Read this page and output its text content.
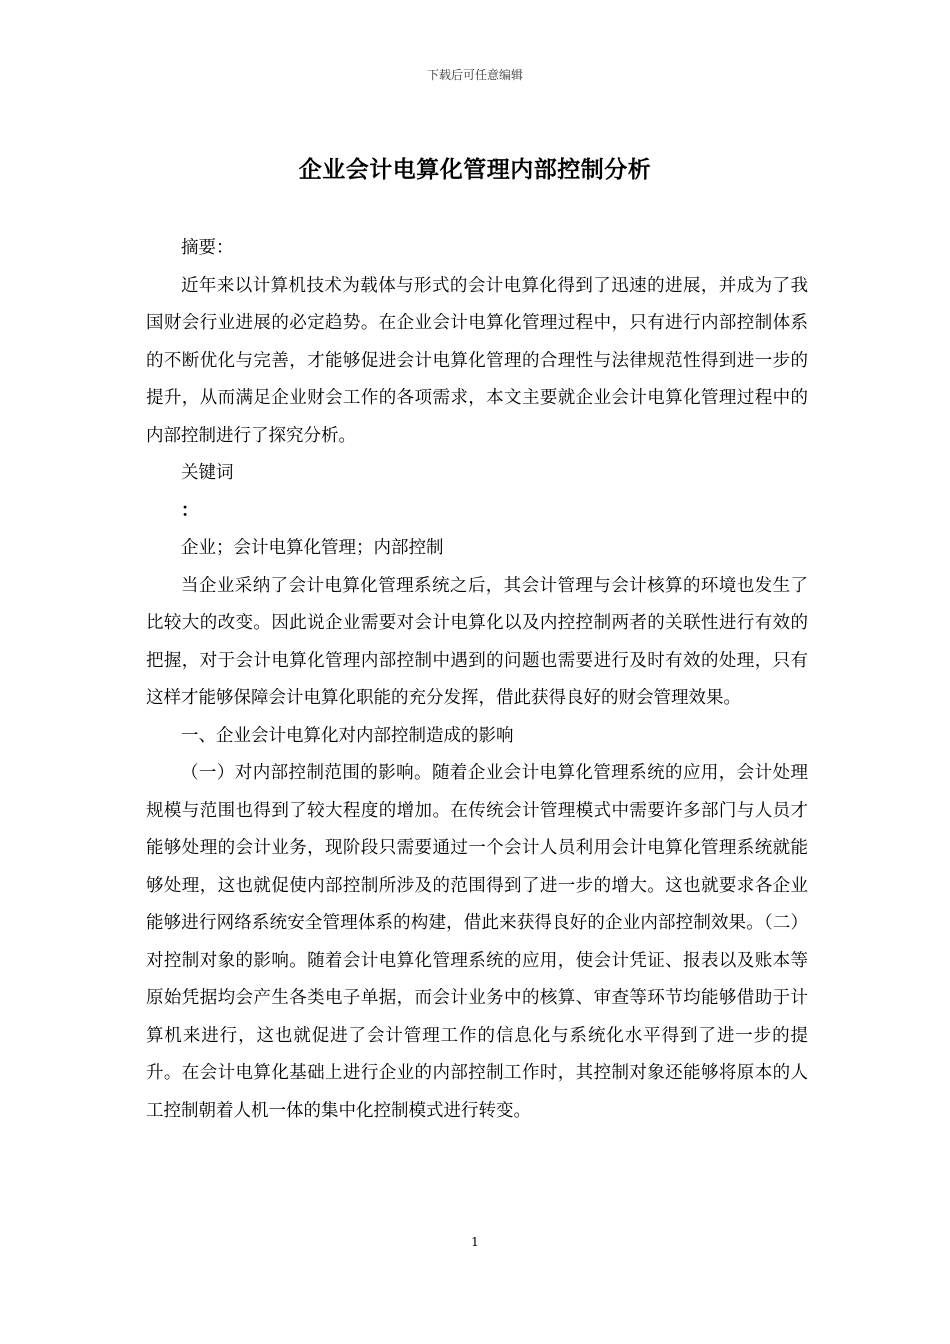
下载后可任意编辑
企业会计电算化管理内部控制分析

摘要：

近年来以计算机技术为载体与形式的会计电算化得到了迅速的进展，并成为了我国财会行业进展的必定趋势。在企业会计电算化管理过程中，只有进行内部控制体系的不断优化与完善，才能够促进会计电算化管理的合理性与法律规范性得到进一步的提升，从而满足企业财会工作的各项需求，本文主要就企业会计电算化管理过程中的内部控制进行了探究分析。

关键词

：

企业；会计电算化管理；内部控制

当企业采纳了会计电算化管理系统之后，其会计管理与会计核算的环境也发生了比较大的改变。因此说企业需要对会计电算化以及内控控制两者的关联性进行有效的把握，对于会计电算化管理内部控制中遇到的问题也需要进行及时有效的处理，只有这样才能够保障会计电算化职能的充分发挥，借此获得良好的财会管理效果。

一、企业会计电算化对内部控制造成的影响

（一）对内部控制范围的影响。随着企业会计电算化管理系统的应用，会计处理规模与范围也得到了较大程度的增加。在传统会计管理模式中需要许多部门与人员才能够处理的会计业务，现阶段只需要通过一个会计人员利用会计电算化管理系统就能够处理，这也就促使内部控制所涉及的范围得到了进一步的增大。这也就要求各企业能够进行网络系统安全管理体系的构建，借此来获得良好的企业内部控制效果。（二）对控制对象的影响。随着会计电算化管理系统的应用，使会计凭证、报表以及账本等原始凭据均会产生各类电子单据，而会计业务中的核算、审查等环节均能够借助于计算机来进行，这也就促进了会计管理工作的信息化与系统化水平得到了进一步的提升。在会计电算化基础上进行企业的内部控制工作时，其控制对象还能够将原本的人工控制朝着人机一体的集中化控制模式进行转变。

1
